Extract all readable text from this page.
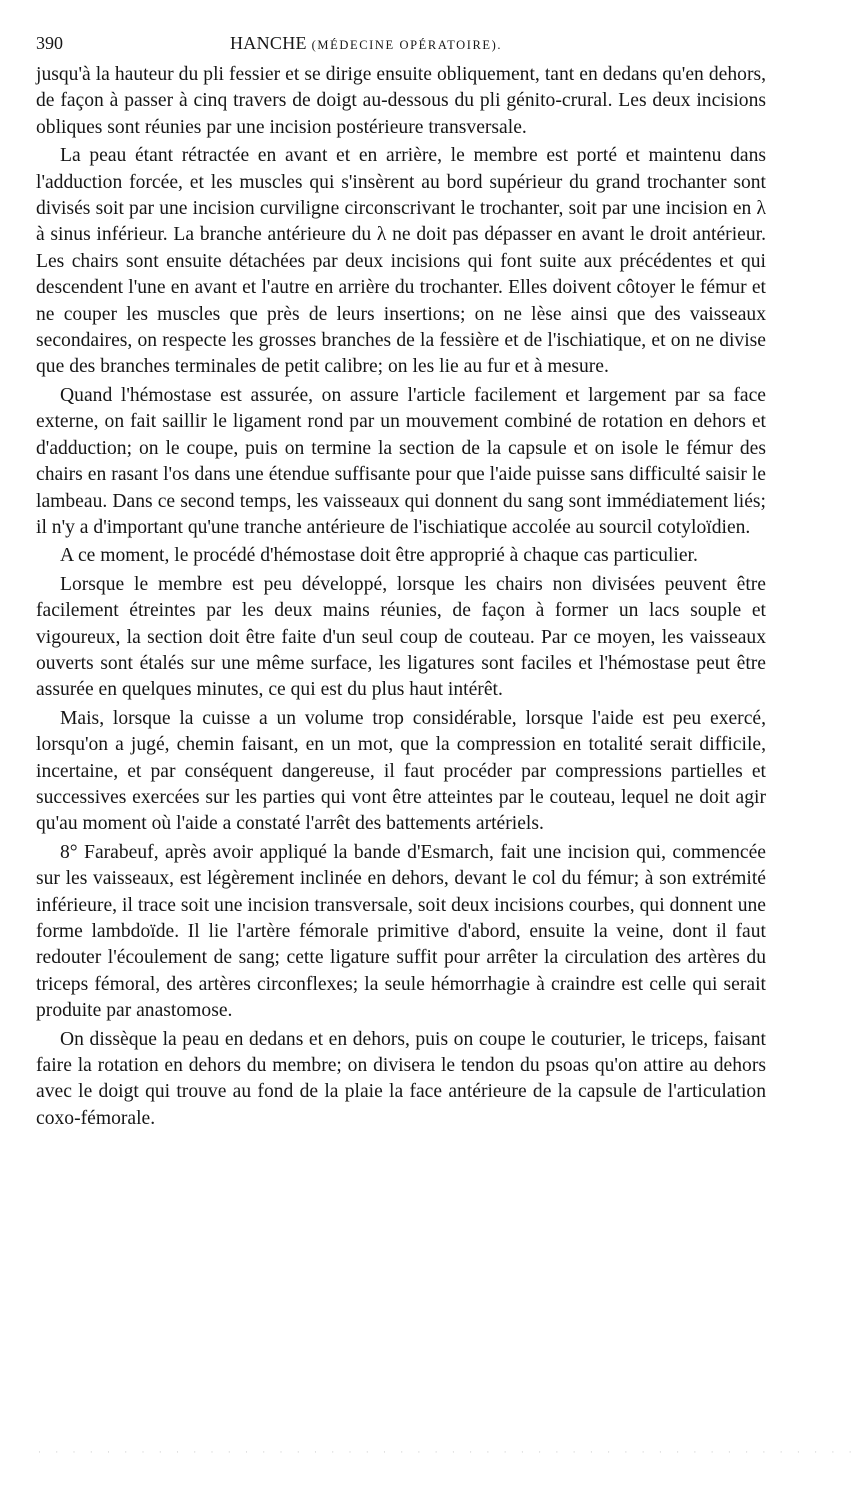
390	HANCHE (MÉDECINE OPÉRATOIRE).

jusqu'à la hauteur du pli fessier et se dirige ensuite obliquement, tant en dedans qu'en dehors, de façon à passer à cinq travers de doigt au-dessous du pli génito-crural. Les deux incisions obliques sont réunies par une incision postérieure transversale.

La peau étant rétractée en avant et en arrière, le membre est porté et maintenu dans l'adduction forcée, et les muscles qui s'insèrent au bord supérieur du grand trochanter sont divisés soit par une incision curviligne circonscrivant le trochanter, soit par une incision en λ à sinus inférieur. La branche antérieure du λ ne doit pas dépasser en avant le droit antérieur. Les chairs sont ensuite détachées par deux incisions qui font suite aux précédentes et qui descendent l'une en avant et l'autre en arrière du trochanter. Elles doivent côtoyer le fémur et ne couper les muscles que près de leurs insertions; on ne lèse ainsi que des vaisseaux secondaires, on respecte les grosses branches de la fessière et de l'ischiatique, et on ne divise que des branches terminales de petit calibre; on les lie au fur et à mesure.

Quand l'hémostase est assurée, on assure l'article facilement et largement par sa face externe, on fait saillir le ligament rond par un mouvement combiné de rotation en dehors et d'adduction; on le coupe, puis on termine la section de la capsule et on isole le fémur des chairs en rasant l'os dans une étendue suffisante pour que l'aide puisse sans difficulté saisir le lambeau. Dans ce second temps, les vaisseaux qui donnent du sang sont immédiatement liés; il n'y a d'important qu'une tranche antérieure de l'ischiatique accolée au sourcil cotyloïdien.

A ce moment, le procédé d'hémostase doit être approprié à chaque cas particulier.

Lorsque le membre est peu développé, lorsque les chairs non divisées peuvent être facilement étreintes par les deux mains réunies, de façon à former un lacs souple et vigoureux, la section doit être faite d'un seul coup de couteau. Par ce moyen, les vaisseaux ouverts sont étalés sur une même surface, les ligatures sont faciles et l'hémostase peut être assurée en quelques minutes, ce qui est du plus haut intérêt.

Mais, lorsque la cuisse a un volume trop considérable, lorsque l'aide est peu exercé, lorsqu'on a jugé, chemin faisant, en un mot, que la compression en totalité serait difficile, incertaine, et par conséquent dangereuse, il faut procéder par compressions partielles et successives exercées sur les parties qui vont être atteintes par le couteau, lequel ne doit agir qu'au moment où l'aide a constaté l'arrêt des battements artériels.

8° Farabeuf, après avoir appliqué la bande d'Esmarch, fait une incision qui, commencée sur les vaisseaux, est légèrement inclinée en dehors, devant le col du fémur; à son extrémité inférieure, il trace soit une incision transversale, soit deux incisions courbes, qui donnent une forme lambdoïde. Il lie l'artère fémorale primitive d'abord, ensuite la veine, dont il faut redouter l'écoulement de sang; cette ligature suffit pour arrêter la circulation des artères du triceps fémoral, des artères circonflexes; la seule hémorrhagie à craindre est celle qui serait produite par anastomose.

On dissèque la peau en dedans et en dehors, puis on coupe le couturier, le triceps, faisant faire la rotation en dehors du membre; on divisera le tendon du psoas qu'on attire au dehors avec le doigt qui trouve au fond de la plaie la face antérieure de la capsule de l'articulation coxo-fémorale.

· · · · · · · · · · · · · · · · · · · · · · · · · · · · · · · · · · · · · · · · · · · · · · · ·
